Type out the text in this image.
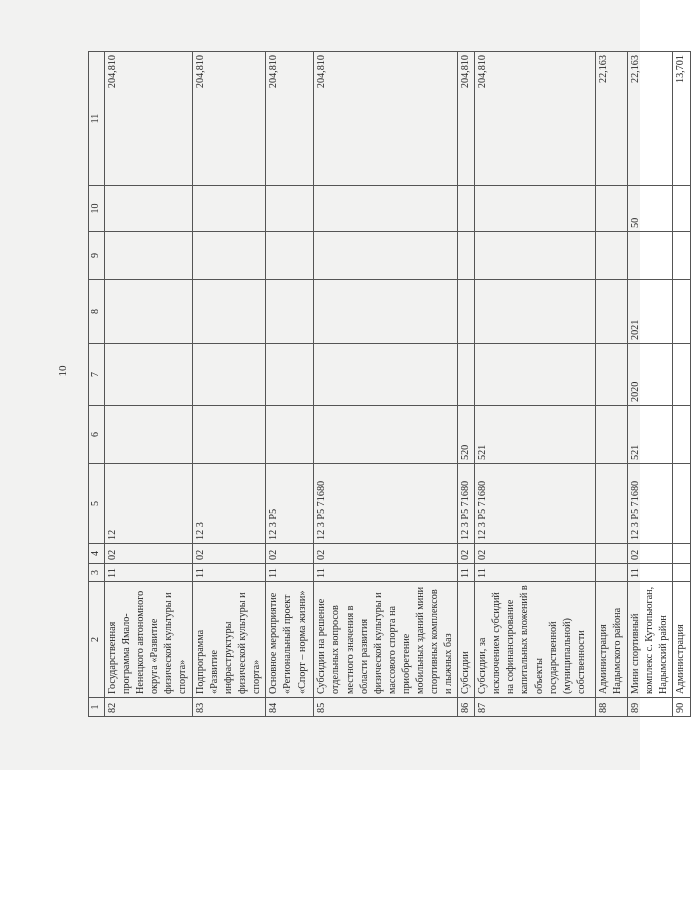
10
1	2	3	4	5	6	7	8	9	10	11
82	Государственная программа Ямало-Ненецкого автономного округа «Развитие физической культуры и спорта»	11	02	12						204,810
83	Подпрограмма «Развитие инфраструктуры физической культуры и спорта»	11	02	12 3						204,810
84	Основное мероприятие «Региональный проект «Спорт – норма жизни»	11	02	12 3 P5						204,810
85	Субсидии на решение отдельных вопросов местного значения в области развития физической культуры и массового спорта на приобретение мобильных зданий мини спортивных комплексов и лыжных баз	11	02	12 3 P5 71680						204,810
86	Субсидии	11	02	12 3 P5 71680	520					204,810
87	Субсидии, за исключением субсидий на софинансирование капитальных вложений в объекты государственной (муниципальной) собственности	11	02	12 3 P5 71680	521					204,810
88	Администрация Надымского района									22,163
89	Мини спортивный комплекс с. Кутопьюган, Надымский район	11	02	12 3 P5 71680	521	2020	2021		50	22,163
90	Администрация									13,701
